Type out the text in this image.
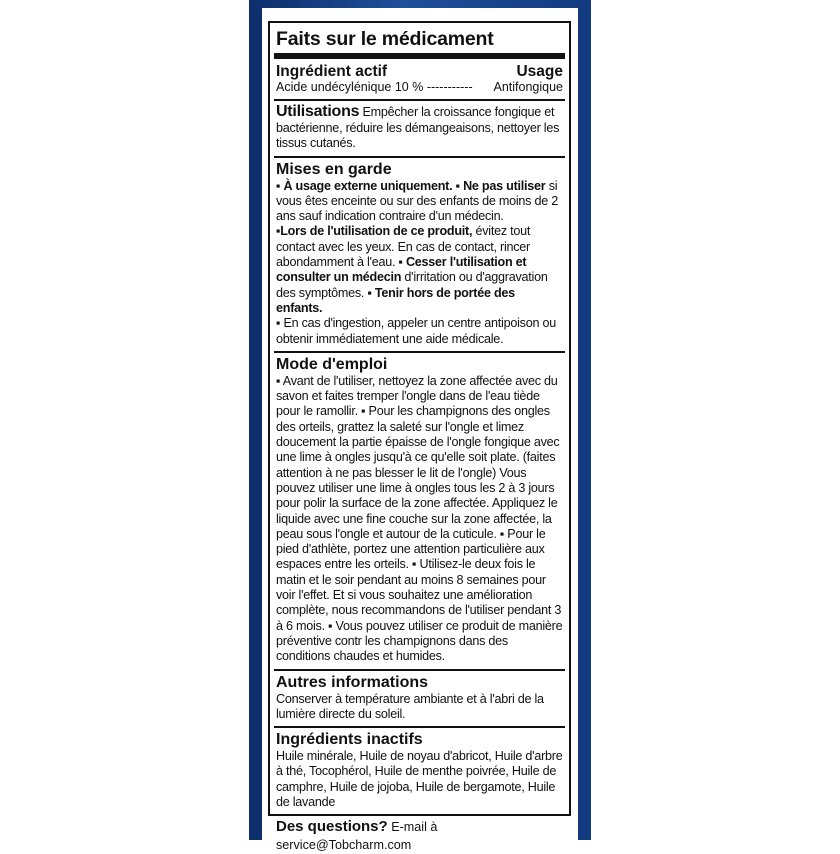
Faits sur le médicament
Ingrédient actif	Usage
Acide undécylénique 10 % ----------- Antifongique
Utilisations Empêcher la croissance fongique et bactérienne, réduire les démangeaisons, nettoyer les tissus cutanés.
Mises en garde
▪ À usage externe uniquement. ▪ Ne pas utiliser si vous êtes enceinte ou sur des enfants de moins de 2 ans sauf indication contraire d'un médecin.
▪Lors de l'utilisation de ce produit, évitez tout contact avec les yeux. En cas de contact, rincer abondamment à l'eau. ▪ Cesser l'utilisation et consulter un médecin d'irritation ou d'aggravation des symptômes. ▪ Tenir hors de portée des enfants.
▪ En cas d'ingestion, appeler un centre antipoison ou obtenir immédiatement une aide médicale.
Mode d'emploi
▪ Avant de l'utiliser, nettoyez la zone affectée avec du savon et faites tremper l'ongle dans de l'eau tiède pour le ramollir. ▪ Pour les champignons des ongles des orteils, grattez la saleté sur l'ongle et limez doucement la partie épaisse de l'ongle fongique avec une lime à ongles jusqu'à ce qu'elle soit plate. (faites attention à ne pas blesser le lit de l'ongle) Vous pouvez utiliser une lime à ongles tous les 2 à 3 jours pour polir la surface de la zone affectée. Appliquez le liquide avec une fine couche sur la zone affectée, la peau sous l'ongle et autour de la cuticule. ▪ Pour le pied d'athlète, portez une attention particulière aux espaces entre les orteils. ▪ Utilisez-le deux fois le matin et le soir pendant au moins 8 semaines pour voir l'effet. Et si vous souhaitez une amélioration complète, nous recommandons de l'utiliser pendant 3 à 6 mois. ▪ Vous pouvez utiliser ce produit de manière préventive contr les champignons dans des conditions chaudes et humides.
Autres informations
Conserver à température ambiante et à l'abri de la lumière directe du soleil.
Ingrédients inactifs
Huile minérale, Huile de noyau d'abricot, Huile d'arbre à thé, Tocophérol, Huile de menthe poivrée, Huile de camphre, Huile de jojoba, Huile de bergamote, Huile de lavande
Des questions? E-mail à service@Tobcharm.com
